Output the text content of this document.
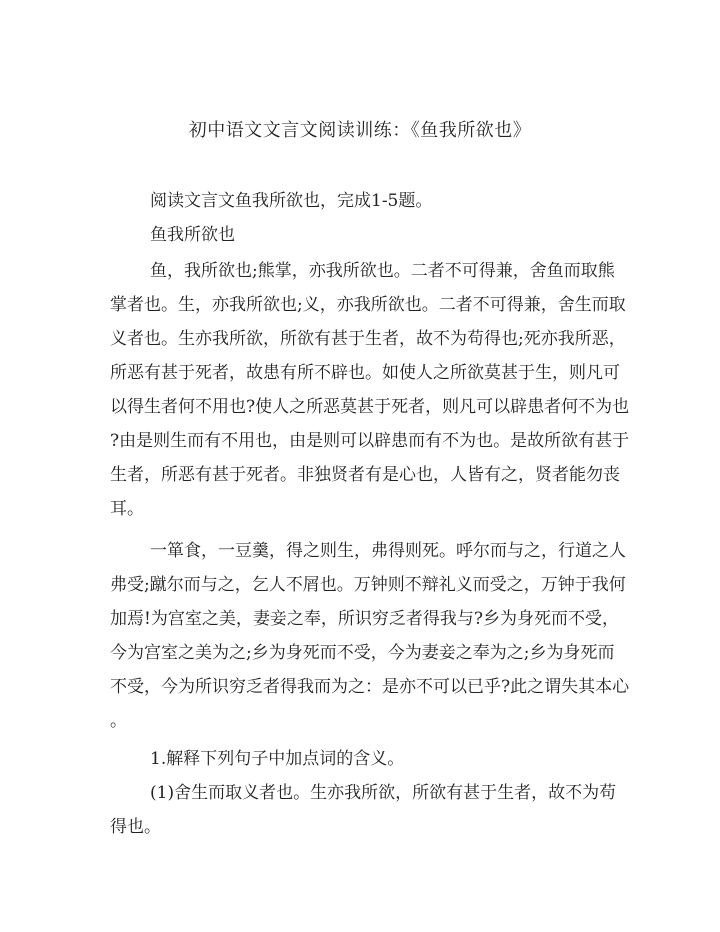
初中语文文言文阅读训练：《鱼我所欲也》
阅读文言文鱼我所欲也，完成1-5题。
鱼我所欲也
鱼，我所欲也;熊掌，亦我所欲也。二者不可得兼，舍鱼而取熊
掌者也。生，亦我所欲也;义，亦我所欲也。二者不可得兼，舍生而取
义者也。生亦我所欲，所欲有甚于生者，故不为苟得也;死亦我所恶，
所恶有甚于死者，故患有所不辟也。如使人之所欲莫甚于生，则凡可
以得生者何不用也?使人之所恶莫甚于死者，则凡可以辟患者何不为也
?由是则生而有不用也，由是则可以辟患而有不为也。是故所欲有甚于
生者，所恶有甚于死者。非独贤者有是心也，人皆有之，贤者能勿丧
耳。
一箪食，一豆羹，得之则生，弗得则死。呼尔而与之，行道之人
弗受;蹴尔而与之，乞人不屑也。万钟则不辩礼义而受之，万钟于我何
加焉!为宫室之美，妻妾之奉，所识穷乏者得我与?乡为身死而不受，
今为宫室之美为之;乡为身死而不受，今为妻妾之奉为之;乡为身死而
不受，今为所识穷乏者得我而为之：是亦不可以已乎?此之谓失其本心
。
1.解释下列句子中加点词的含义。
(1)舍生而取义者也。生亦我所欲，所欲有甚于生者，故不为苟
得也。
